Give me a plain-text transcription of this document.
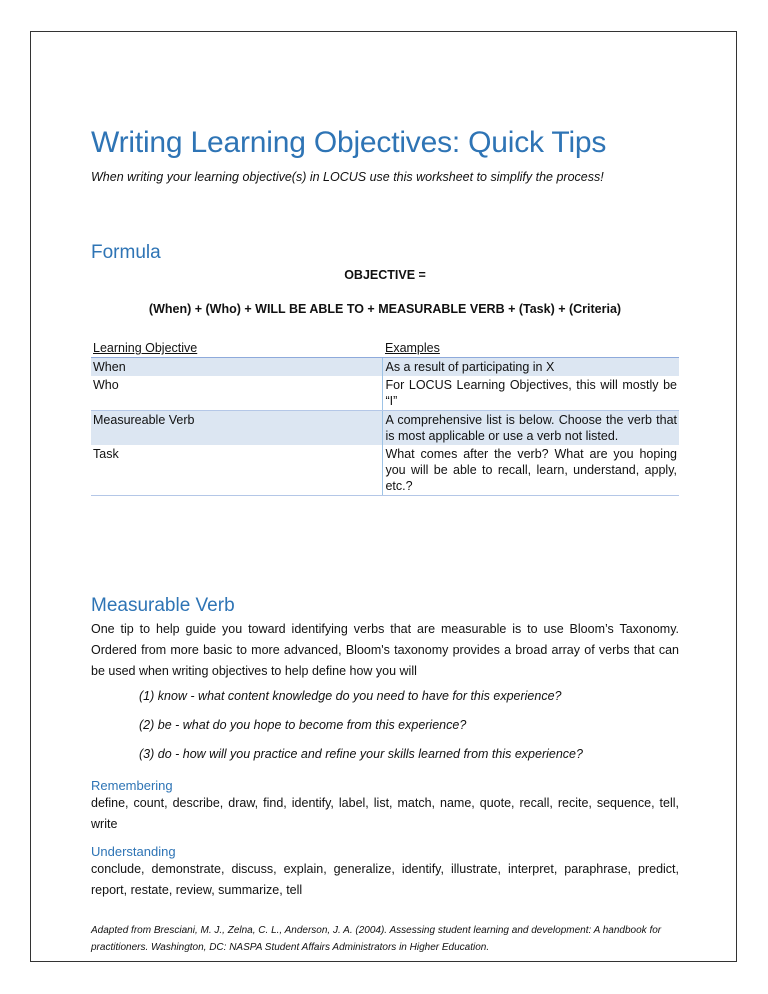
Writing Learning Objectives: Quick Tips

When writing your learning objective(s) in LOCUS use this worksheet to simplify the process!

Formula

OBJECTIVE =

(When) + (Who) + WILL BE ABLE TO + MEASURABLE VERB + (Task) + (Criteria)

Learning Objective	Examples
When	As a result of participating in X
Who	For LOCUS Learning Objectives, this will mostly be “I”
Measureable Verb	A comprehensive list is below. Choose the verb that is most applicable or use a verb not listed.
Task	What comes after the verb? What are you hoping you will be able to recall, learn, understand, apply, etc.?
Measurable Verb

One tip to help guide you toward identifying verbs that are measurable is to use Bloom’s Taxonomy. Ordered from more basic to more advanced, Bloom's taxonomy provides a broad array of verbs that can be used when writing objectives to help define how you will

(1) know - what content knowledge do you need to have for this experience?

(2) be - what do you hope to become from this experience?

(3) do - how will you practice and refine your skills learned from this experience?

Remembering

define, count, describe, draw, find, identify, label, list, match, name, quote, recall, recite, sequence, tell, write

Understanding

conclude, demonstrate, discuss, explain, generalize, identify, illustrate, interpret, paraphrase, predict, report, restate, review, summarize, tell

Adapted from Bresciani, M. J., Zelna, C. L., Anderson, J. A. (2004). Assessing student learning and development: A handbook for practitioners. Washington, DC: NASPA Student Affairs Administrators in Higher Education.
